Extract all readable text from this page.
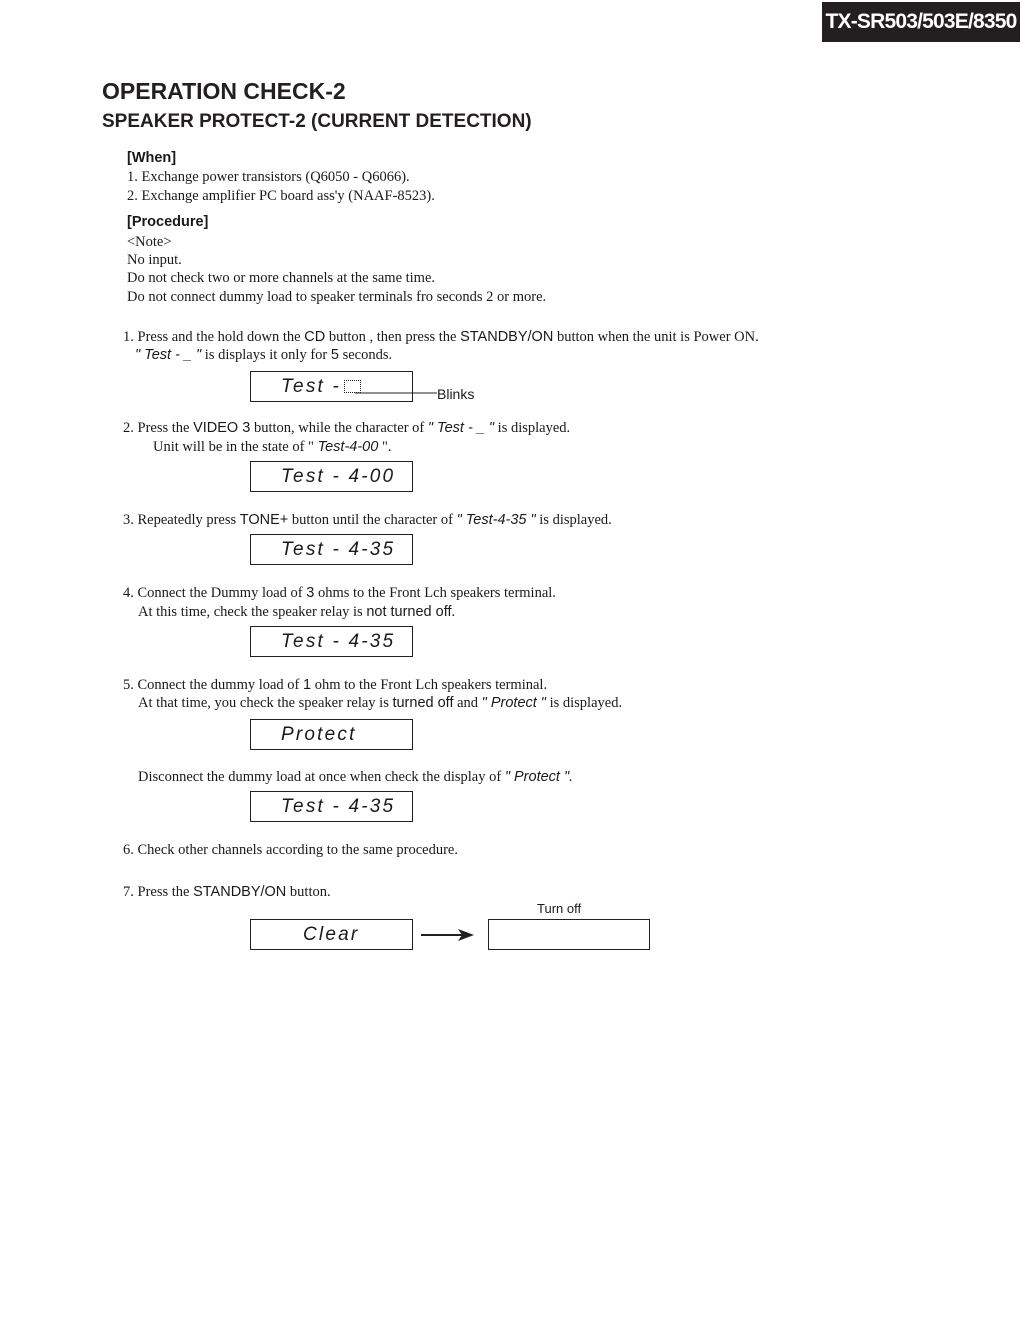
TX-SR503/503E/8350
OPERATION CHECK-2
SPEAKER PROTECT-2 (CURRENT DETECTION)
[When]
1. Exchange power transistors (Q6050 - Q6066).
2. Exchange amplifier PC board ass'y (NAAF-8523).
[Procedure]
<Note>
No input.
Do not check two or more channels at the same time.
Do not connect dummy load to speaker terminals fro seconds 2 or more.
1. Press and the hold down the CD button , then press the STANDBY/ON button when the unit is Power ON.
" Test - _ " is displays it only for 5 seconds.
Test -	Blinks
2. Press the VIDEO 3 button, while the character of " Test - _ " is displayed.
Unit will be in the state of " Test-4-00 ".
Test - 4-00
3. Repeatedly press TONE+ button until the character of " Test-4-35 " is displayed.
Test - 4-35
4. Connect the Dummy load of 3 ohms to the Front Lch speakers terminal.
At this time, check the speaker relay is not turned off.
Test - 4-35
5. Connect the dummy load of 1 ohm to the Front Lch speakers terminal.
At that time, you check the speaker relay is turned off and " Protect " is displayed.
Protect
Disconnect the dummy load at once when check the display of " Protect ".
Test - 4-35
6. Check other channels according to the same procedure.
7. Press the STANDBY/ON button.
Turn off
Clear
